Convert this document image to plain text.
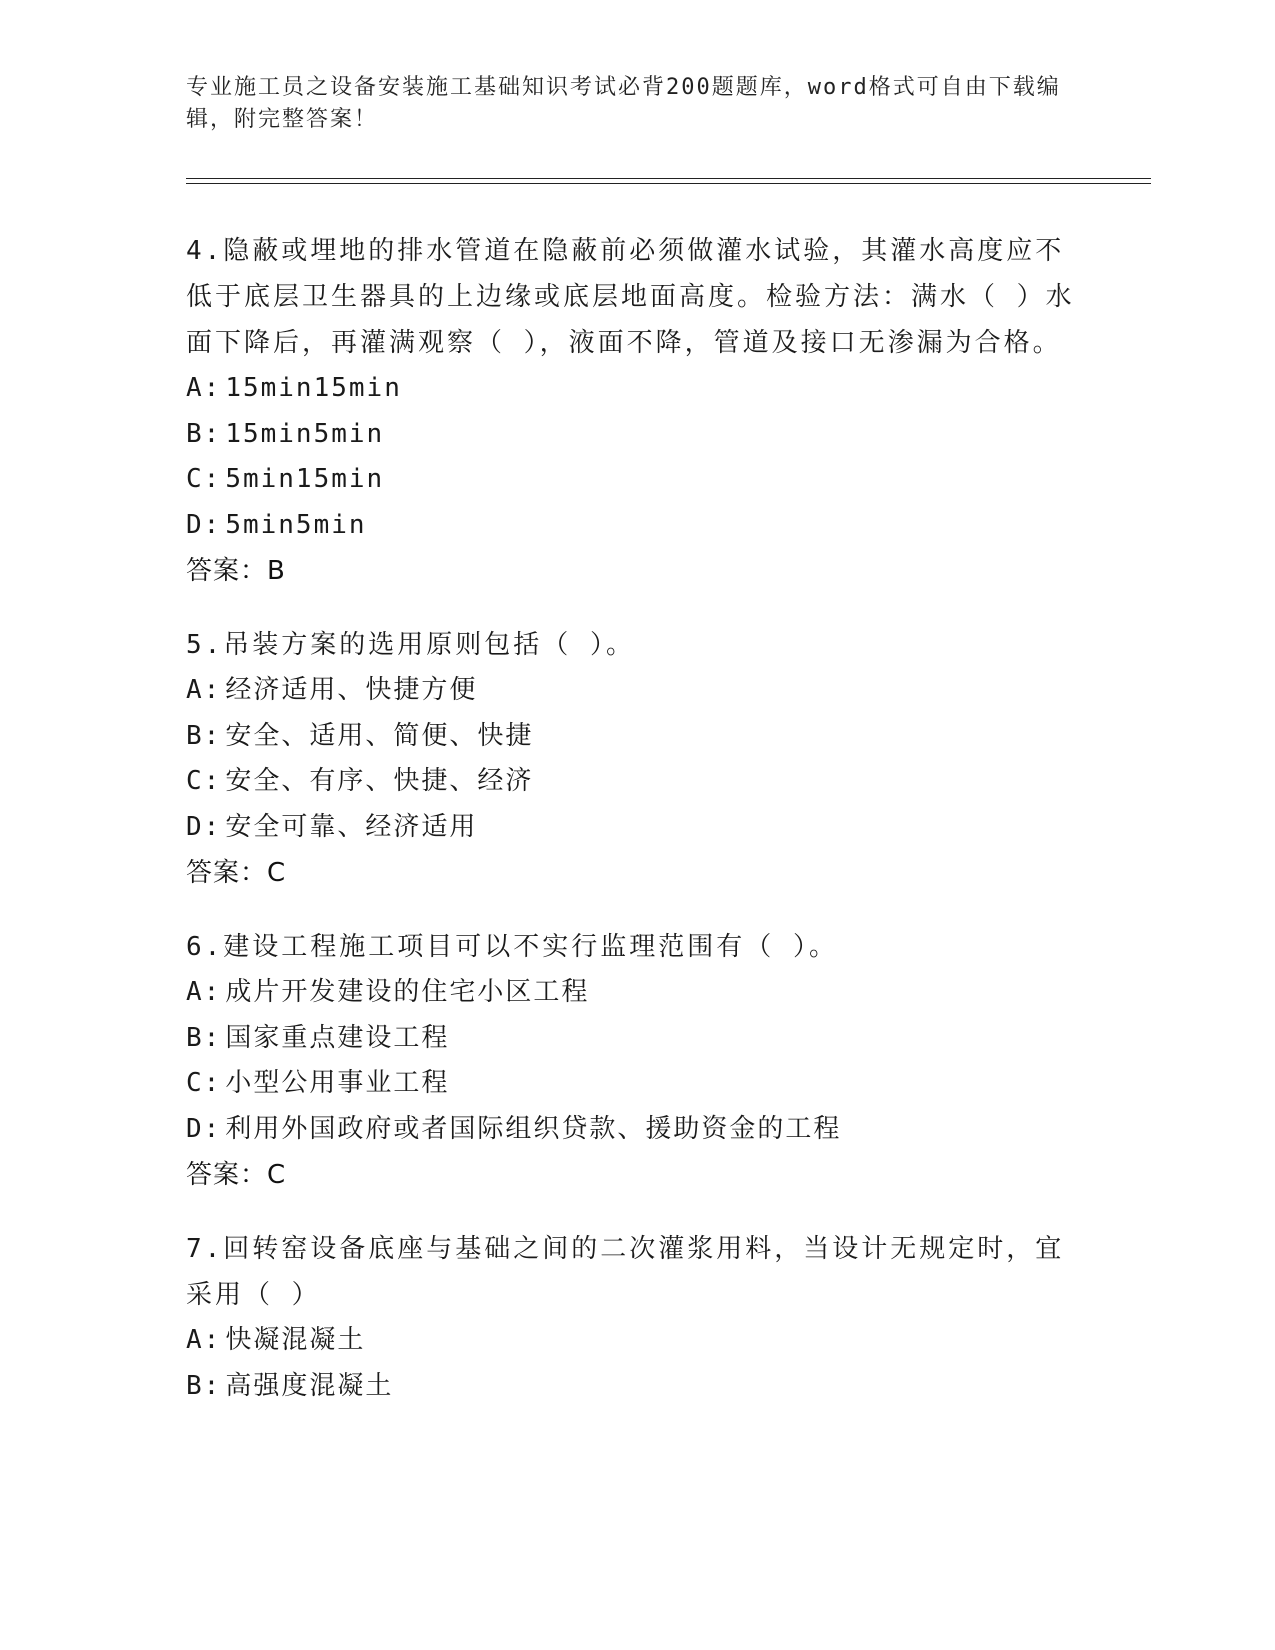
专业施工员之设备安装施工基础知识考试必背200题题库，word格式可自由下载编辑，附完整答案！
4.隐蔽或埋地的排水管道在隐蔽前必须做灌水试验，其灌水高度应不低于底层卫生器具的上边缘或底层地面高度。检验方法：满水（ ）水面下降后，再灌满观察（ ），液面不降，管道及接口无渗漏为合格。
A: 15min15min
B: 15min5min
C: 5min15min
D: 5min5min
答案：B
5.吊装方案的选用原则包括（ ）。
A: 经济适用、快捷方便
B: 安全、适用、简便、快捷
C: 安全、有序、快捷、经济
D: 安全可靠、经济适用
答案：C
6.建设工程施工项目可以不实行监理范围有（ ）。
A: 成片开发建设的住宅小区工程
B: 国家重点建设工程
C: 小型公用事业工程
D: 利用外国政府或者国际组织贷款、援助资金的工程
答案：C
7.回转窑设备底座与基础之间的二次灌浆用料，当设计无规定时，宜采用（ ）
A: 快凝混凝土
B: 高强度混凝土
